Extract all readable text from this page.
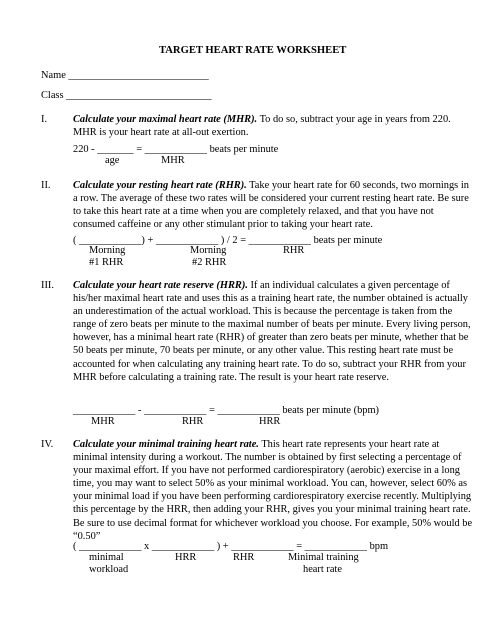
TARGET HEART RATE WORKSHEET
Name ___________________________
Class ____________________________
I.	Calculate your maximal heart rate (MHR). To do so, subtract your age in years from 220. MHR is your heart rate at all-out exertion.
220 - _______ = ____________ beats per minute
age	MHR
II.	Calculate your resting heart rate (RHR). Take your heart rate for 60 seconds, two mornings in a row. The average of these two rates will be considered your current resting heart rate. Be sure to take this heart rate at a time when you are completely relaxed, and that you have not consumed caffeine or any other stimulant prior to taking your heart rate.
( ____________) + ____________ ) / 2 = ____________ beats per minute
Morning	Morning	RHR
#1 RHR	#2 RHR
III.	Calculate your heart rate reserve (HRR). If an individual calculates a given percentage of his/her maximal heart rate and uses this as a training heart rate, the number obtained is actually an underestimation of the actual workload. This is because the percentage is taken from the range of zero beats per minute to the maximal number of beats per minute. Every living person, however, has a minimal heart rate (RHR) of greater than zero beats per minute, whether that be 50 beats per minute, 70 beats per minute, or any other value. This resting heart rate must be accounted for when calculating any training heart rate. To do so, subtract your RHR from your MHR before calculating a training rate. The result is your heart rate reserve.
____________ - ____________ = ____________ beats per minute (bpm)
MHR	RHR	HRR
IV.	Calculate your minimal training heart rate. This heart rate represents your heart rate at minimal intensity during a workout. The number is obtained by first selecting a percentage of your maximal effort. If you have not performed cardiorespiratory (aerobic) exercise in a long time, you may want to select 50% as your minimal workload. You can, however, select 60% as your minimal load if you have been performing cardiorespiratory exercise recently. Multiplying this percentage by the HRR, then adding your RHR, gives you your minimal training heart rate. Be sure to use decimal format for whichever workload you choose. For example, 50% would be “0.50”
( ____________ x ____________ ) + ____________ = ____________ bpm
minimal	HRR	RHR	Minimal training
workload	heart rate
